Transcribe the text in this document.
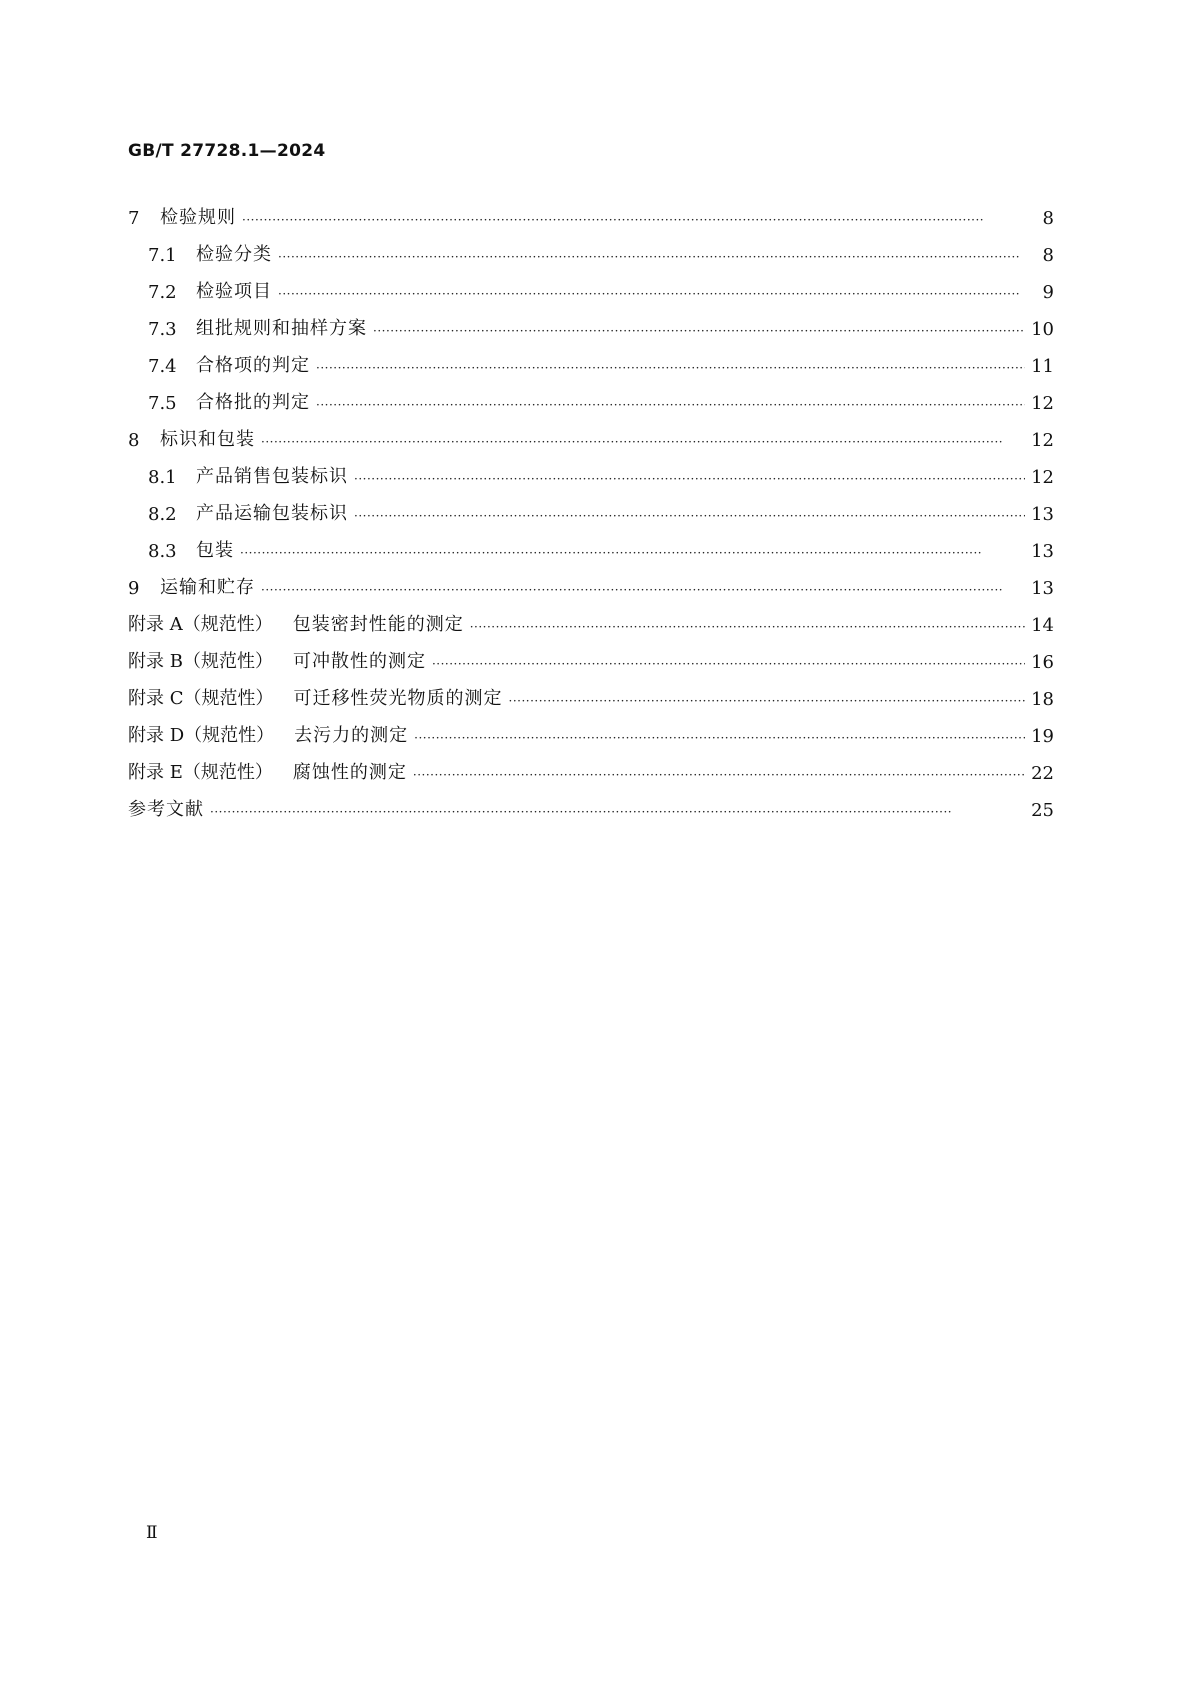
GB/T 27728.1—2024
7	检验规则 ·····	8
7.1	检验分类 ·····	8
7.2	检验项目 ·····	9
7.3	组批规则和抽样方案 ·····	10
7.4	合格项的判定 ·····	11
7.5	合格批的判定 ·····	12
8	标识和包装 ·····	12
8.1	产品销售包装标识 ·····	12
8.2	产品运输包装标识 ·····	13
8.3	包装 ·····	13
9	运输和贮存 ·····	13
附录 A（规范性）	包装密封性能的测定 ·····	14
附录 B（规范性）	可冲散性的测定 ·····	16
附录 C（规范性）	可迁移性荧光物质的测定 ·····	18
附录 D（规范性）	去污力的测定 ·····	19
附录 E（规范性）	腐蚀性的测定 ·····	22
参考文献 ·····	25
Ⅱ
